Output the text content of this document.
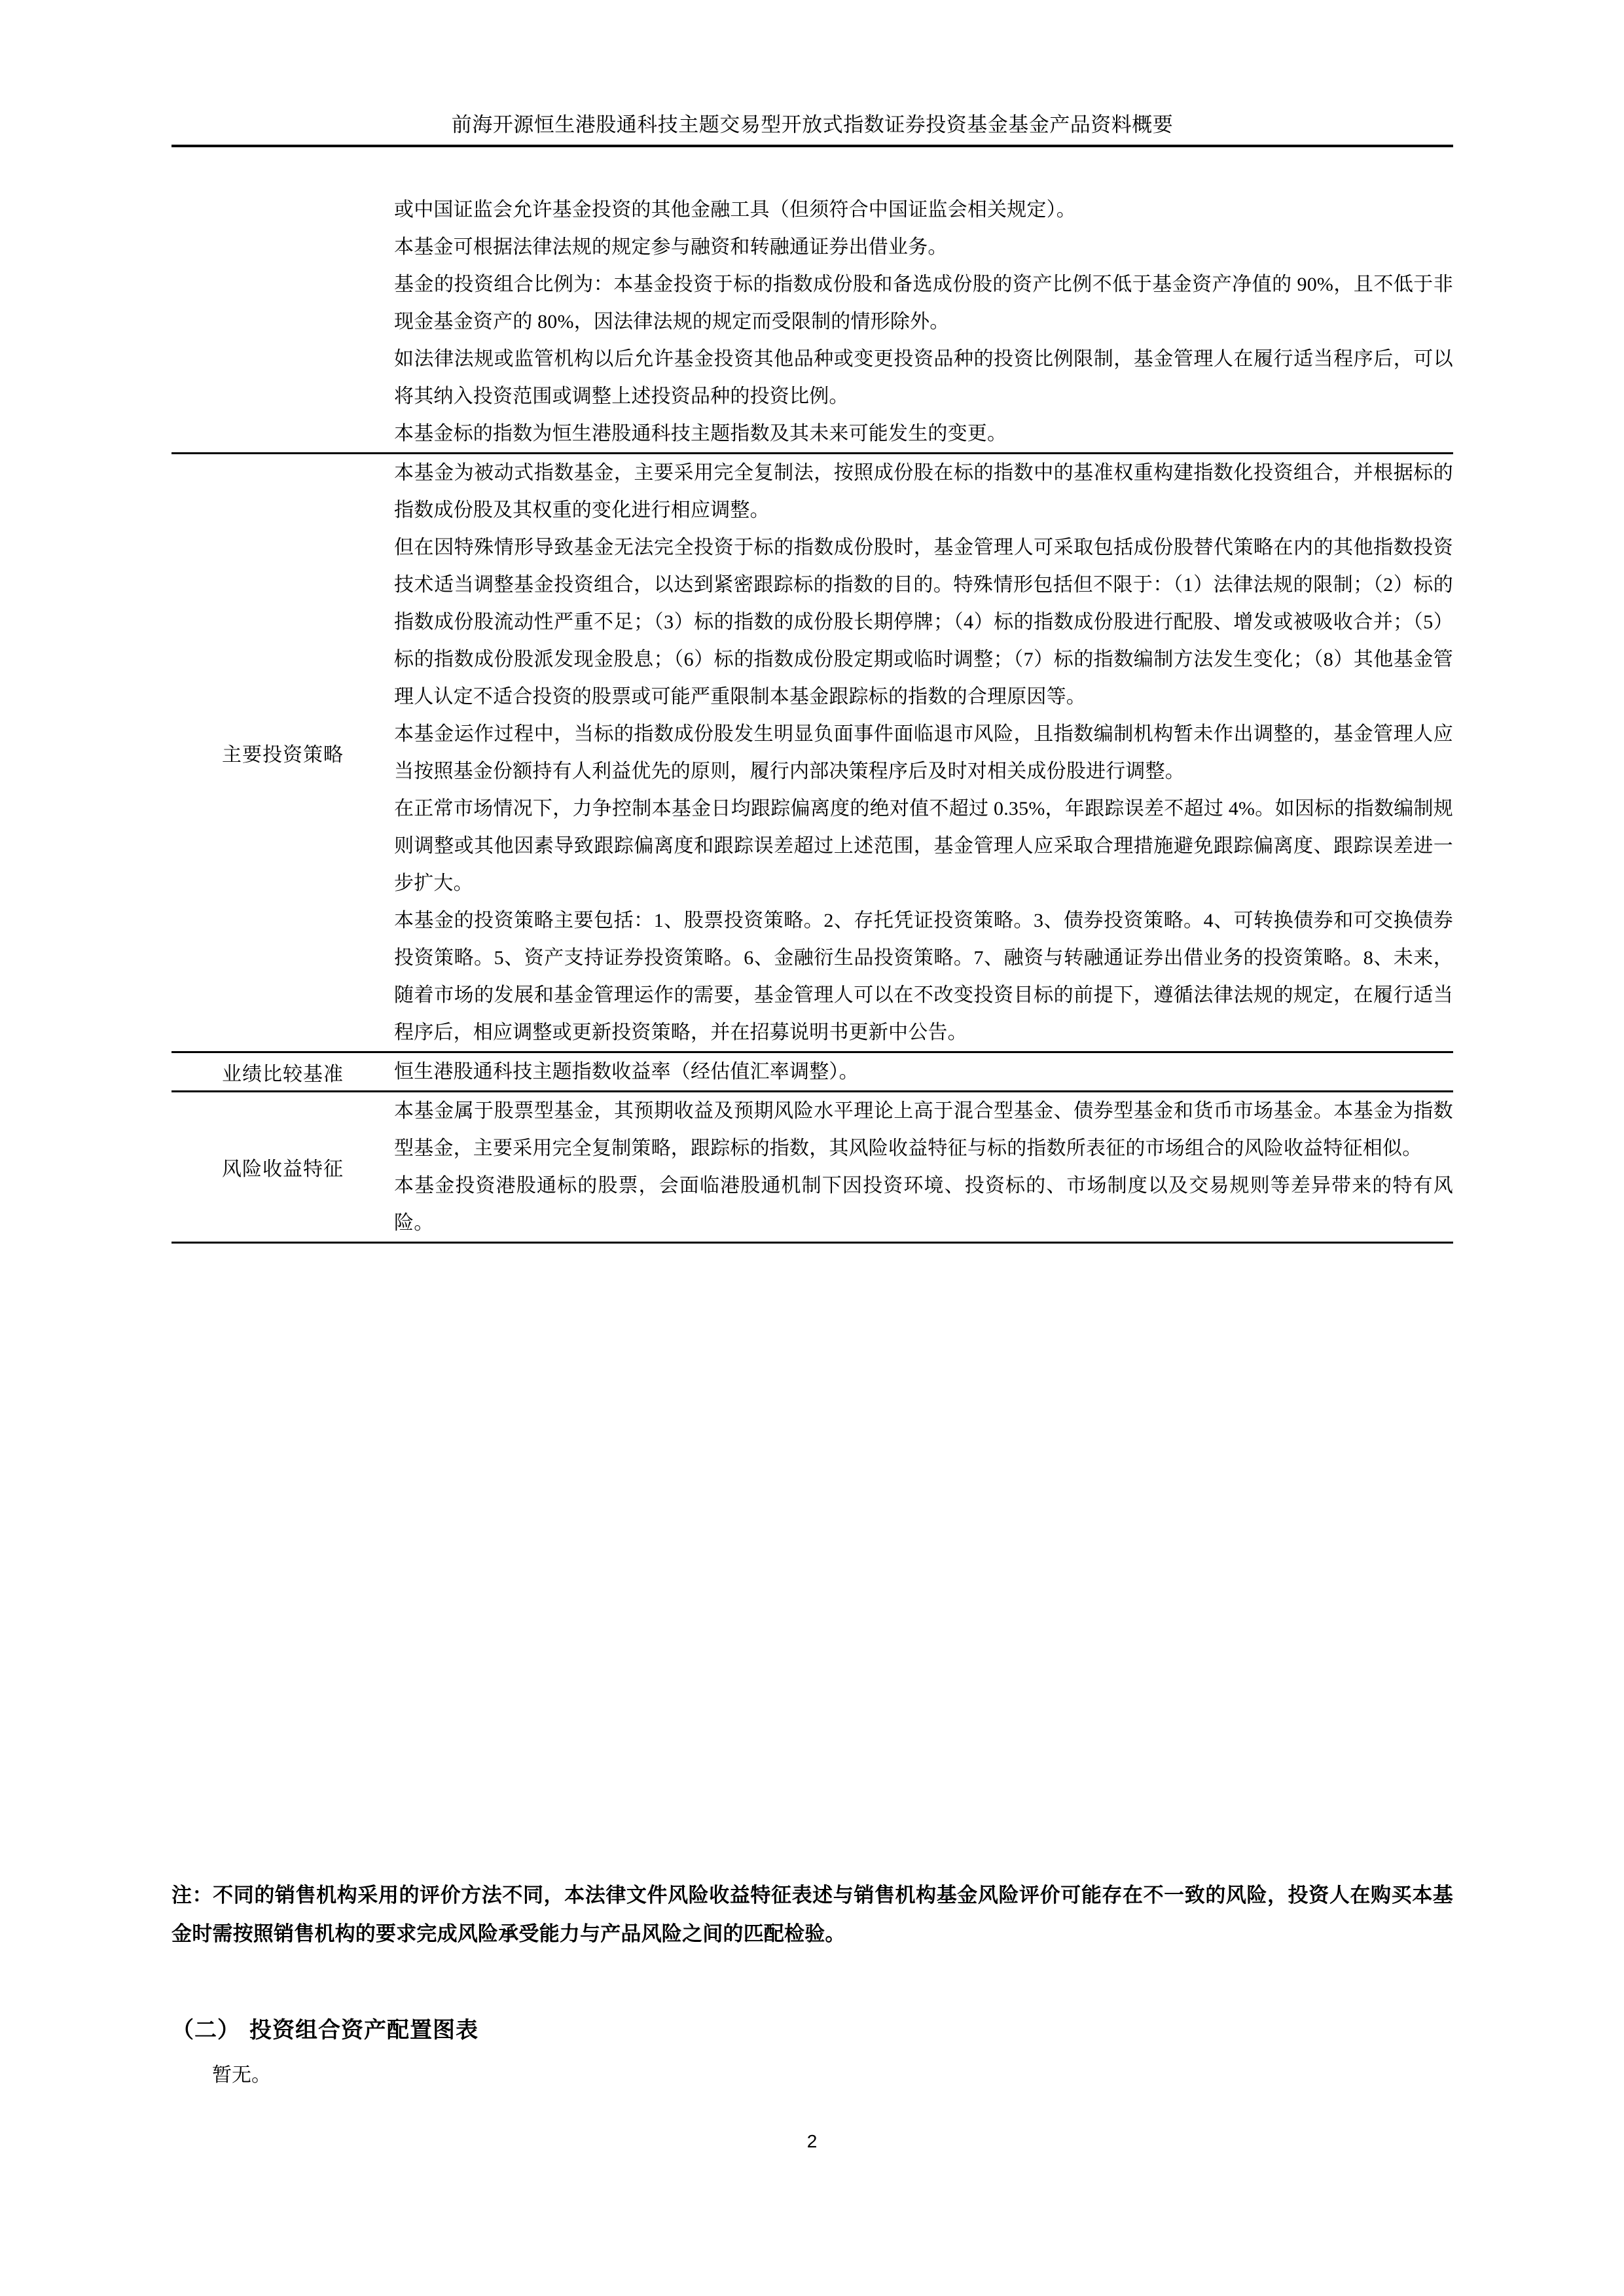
前海开源恒生港股通科技主题交易型开放式指数证券投资基金基金产品资料概要

	或中国证监会允许基金投资的其他金融工具（但须符合中国证监会相关规定）。

本基金可根据法律法规的规定参与融资和转融通证券出借业务。

基金的投资组合比例为：本基金投资于标的指数成份股和备选成份股的资产比例不低于基金资产净值的 90%，且不低于非现金基金资产的 80%，因法律法规的规定而受限制的情形除外。

如法律法规或监管机构以后允许基金投资其他品种或变更投资品种的投资比例限制，基金管理人在履行适当程序后，可以将其纳入投资范围或调整上述投资品种的投资比例。

本基金标的指数为恒生港股通科技主题指数及其未来可能发生的变更。

主要投资策略	本基金为被动式指数基金，主要采用完全复制法，按照成份股在标的指数中的基准权重构建指数化投资组合，并根据标的指数成份股及其权重的变化进行相应调整。

但在因特殊情形导致基金无法完全投资于标的指数成份股时，基金管理人可采取包括成份股替代策略在内的其他指数投资技术适当调整基金投资组合，以达到紧密跟踪标的指数的目的。特殊情形包括但不限于：（1）法律法规的限制；（2）标的指数成份股流动性严重不足；（3）标的指数的成份股长期停牌；（4）标的指数成份股进行配股、增发或被吸收合并；（5）标的指数成份股派发现金股息；（6）标的指数成份股定期或临时调整；（7）标的指数编制方法发生变化；（8）其他基金管理人认定不适合投资的股票或可能严重限制本基金跟踪标的指数的合理原因等。

本基金运作过程中，当标的指数成份股发生明显负面事件面临退市风险，且指数编制机构暂未作出调整的，基金管理人应当按照基金份额持有人利益优先的原则，履行内部决策程序后及时对相关成份股进行调整。

在正常市场情况下，力争控制本基金日均跟踪偏离度的绝对值不超过 0.35%，年跟踪误差不超过 4%。如因标的指数编制规则调整或其他因素导致跟踪偏离度和跟踪误差超过上述范围，基金管理人应采取合理措施避免跟踪偏离度、跟踪误差进一步扩大。

本基金的投资策略主要包括：1、股票投资策略。2、存托凭证投资策略。3、债券投资策略。4、可转换债券和可交换债券投资策略。5、资产支持证券投资策略。6、金融衍生品投资策略。7、融资与转融通证券出借业务的投资策略。8、未来，随着市场的发展和基金管理运作的需要，基金管理人可以在不改变投资目标的前提下，遵循法律法规的规定，在履行适当程序后，相应调整或更新投资策略，并在招募说明书更新中公告。

业绩比较基准	恒生港股通科技主题指数收益率（经估值汇率调整）。

风险收益特征	本基金属于股票型基金，其预期收益及预期风险水平理论上高于混合型基金、债券型基金和货币市场基金。本基金为指数型基金，主要采用完全复制策略，跟踪标的指数，其风险收益特征与标的指数所表征的市场组合的风险收益特征相似。

本基金投资港股通标的股票，会面临港股通机制下因投资环境、投资标的、市场制度以及交易规则等差异带来的特有风险。

注：不同的销售机构采用的评价方法不同，本法律文件风险收益特征表述与销售机构基金风险评价可能存在不一致的风险，投资人在购买本基金时需按照销售机构的要求完成风险承受能力与产品风险之间的匹配检验。
（二） 投资组合资产配置图表
暂无。
2
